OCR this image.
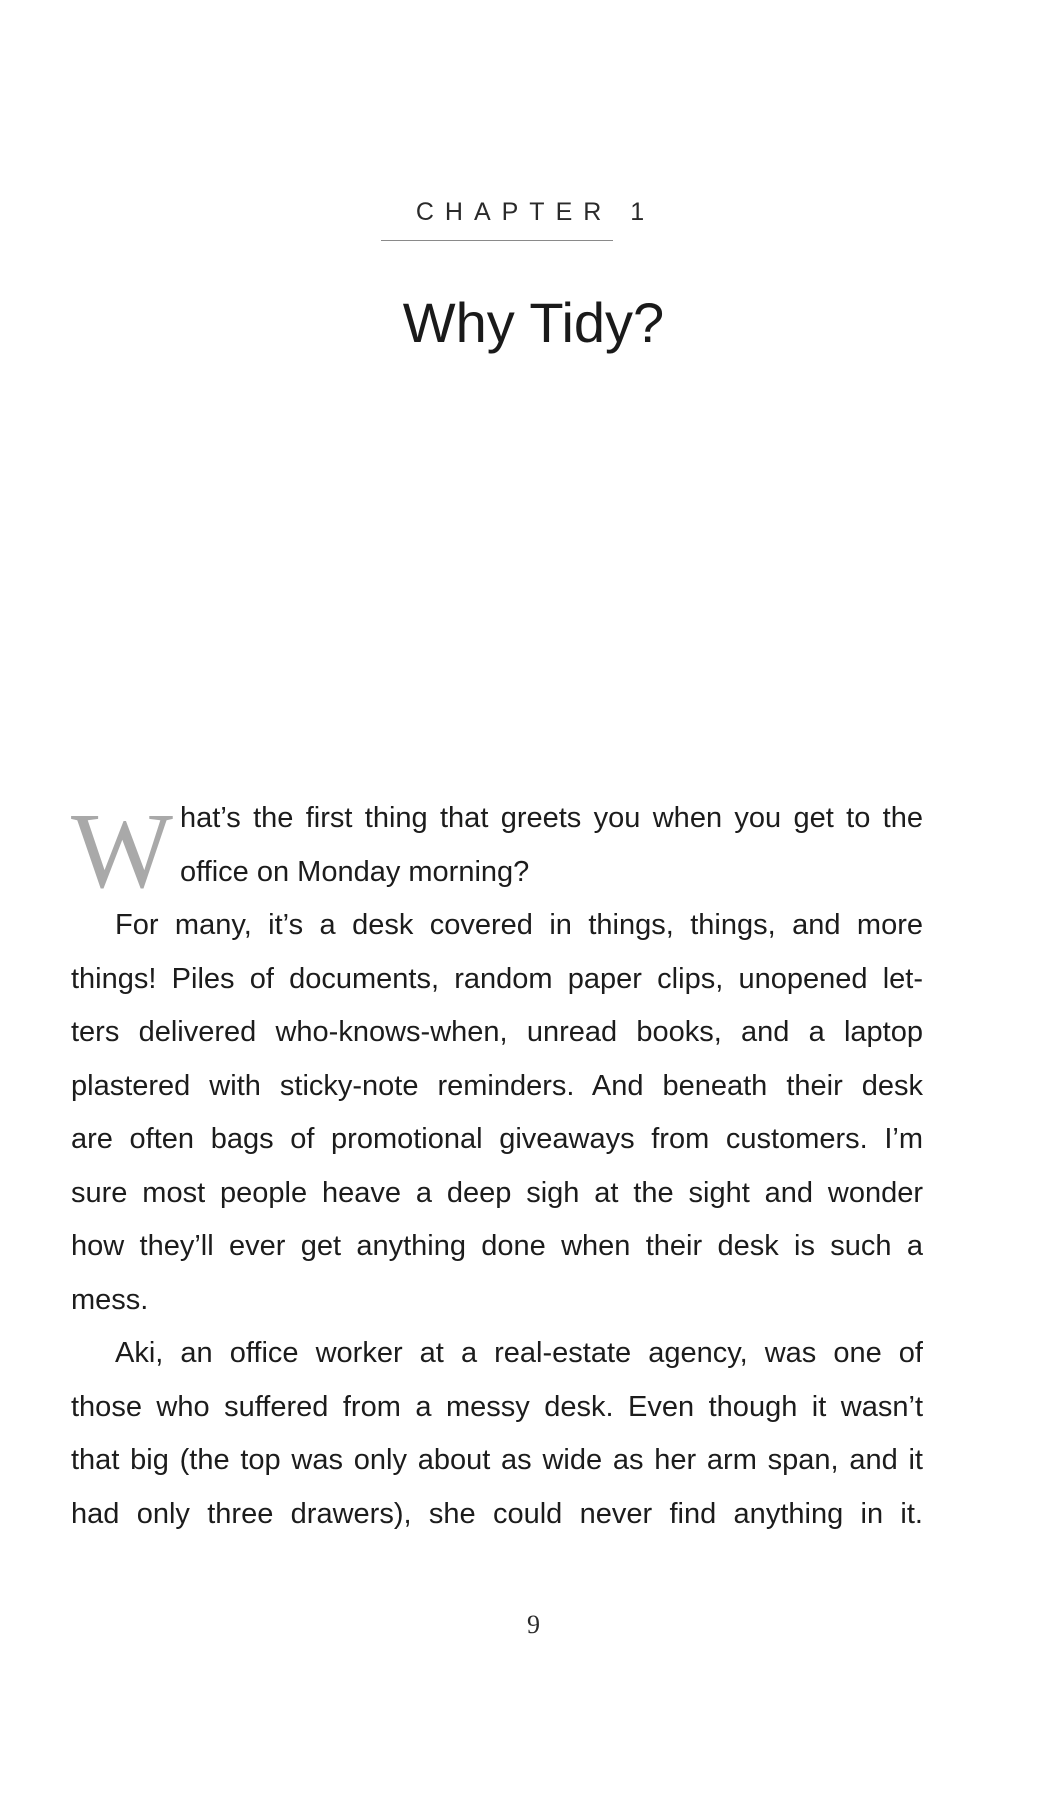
CHAPTER 1
Why Tidy?
W hat’s the first thing that greets you when you get to the
office on Monday morning?
For many, it’s a desk covered in things, things, and more
things! Piles of documents, random paper clips, unopened let-
ters delivered who-knows-when, unread books, and a laptop
plastered with sticky-note reminders. And beneath their desk
are often bags of promotional giveaways from customers. I’m
sure most people heave a deep sigh at the sight and wonder
how they’ll ever get anything done when their desk is such a
mess.
Aki, an office worker at a real-estate agency, was one of
those who suffered from a messy desk. Even though it wasn’t
that big (the top was only about as wide as her arm span, and it
had only three drawers), she could never find anything in it.
9
